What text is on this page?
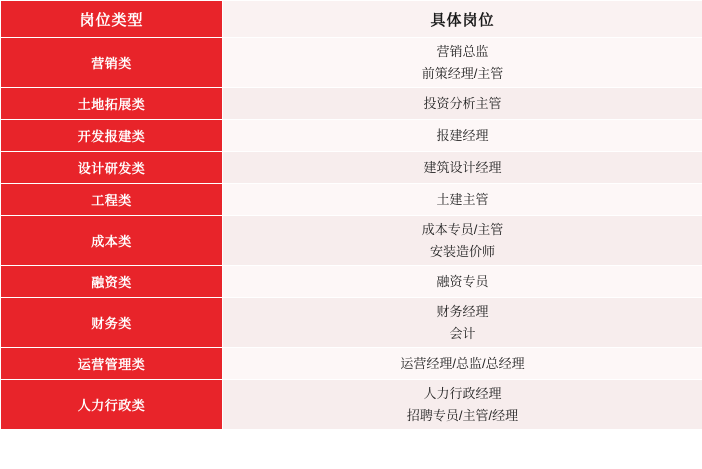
岗位类型	具体岗位
营销类	营销总监
前策经理/主管

土地拓展类	投资分析主管

开发报建类	报建经理

设计研发类	建筑设计经理

工程类	土建主管

成本类	成本专员/主管
安装造价师

融资类	融资专员

财务类	财务经理
会计

运营管理类	运营经理/总监/总经理

人力行政类	人力行政经理
招聘专员/主管/经理
